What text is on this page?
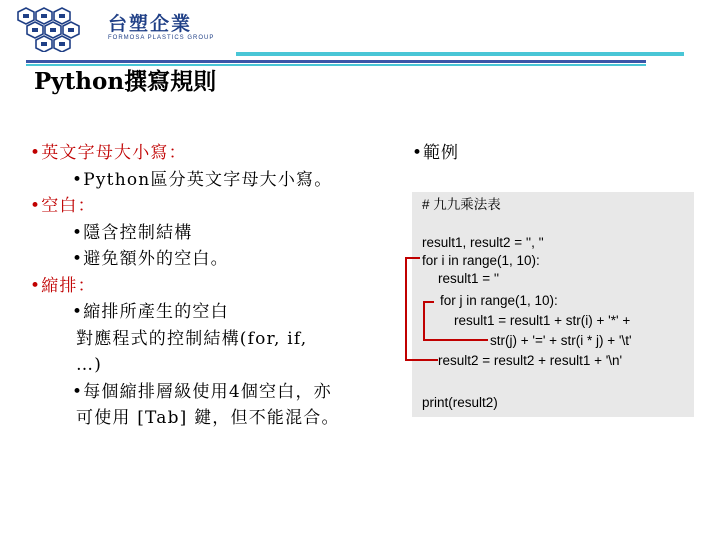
台塑企業
FORMOSA PLASTICS GROUP
Python撰寫規則
•英文字母大小寫：
•Python區分英文字母大小寫。
•空白：
•隱含控制結構
•避免額外的空白。
•縮排：
•縮排所產生的空白
對應程式的控制結構(for, if,
…)
•每個縮排層級使用4個空白，亦
可使用 [Tab] 鍵，但不能混合。
•範例
# 九九乘法表
result1, result2 = '', ''
for i in range(1, 10):
result1 = ''
for j in range(1, 10):
result1 = result1 + str(i) + '*' +
str(j) + '=' + str(i * j) + '\t'
result2 = result2 + result1 + '\n'
print(result2)
